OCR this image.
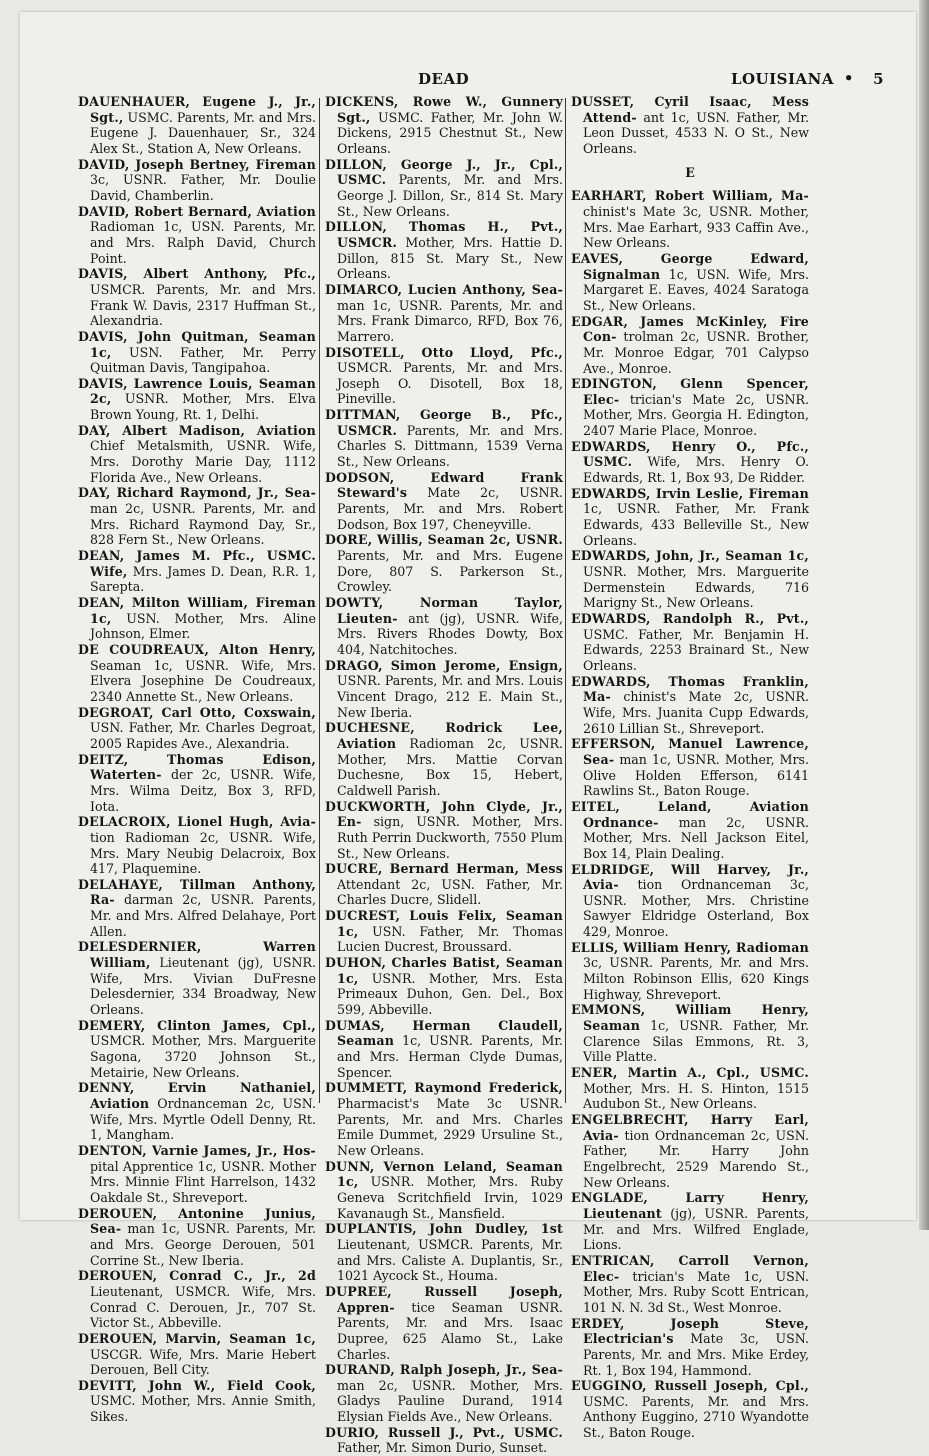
DEAD	LOUISIANA • 5

DAUENHAUER, Eugene J., Jr., Sgt., USMC. Parents, Mr. and Mrs. Eugene J. Dauenhauer, Sr., 324 Alex St., Station A, New Orleans.

DAVID, Joseph Bertney, Fireman 3c, USNR. Father, Mr. Doulie David, Chamberlin.

DAVID, Robert Bernard, Aviation Radioman 1c, USN. Parents, Mr. and Mrs. Ralph David, Church Point.

DAVIS, Albert Anthony, Pfc., USMCR. Parents, Mr. and Mrs. Frank W. Davis, 2317 Huffman St., Alexandria.

DAVIS, John Quitman, Seaman 1c, USN. Father, Mr. Perry Quitman Davis, Tangipahoa.

DAVIS, Lawrence Louis, Seaman 2c, USNR. Mother, Mrs. Elva Brown Young, Rt. 1, Delhi.

DAY, Albert Madison, Aviation Chief Metalsmith, USNR. Wife, Mrs. Dorothy Marie Day, 1112 Florida Ave., New Orleans.

DAY, Richard Raymond, Jr., Sea- man 2c, USNR. Parents, Mr. and Mrs. Richard Raymond Day, Sr., 828 Fern St., New Orleans.

DEAN, James M. Pfc., USMC. Wife, Mrs. James D. Dean, R.R. 1, Sarepta.

DEAN, Milton William, Fireman 1c, USN. Mother, Mrs. Aline Johnson, Elmer.

DE COUDREAUX, Alton Henry, Seaman 1c, USNR. Wife, Mrs. Elvera Josephine De Coudreaux, 2340 Annette St., New Orleans.

DEGROAT, Carl Otto, Coxswain, USN. Father, Mr. Charles Degroat, 2005 Rapides Ave., Alexandria.

DEITZ, Thomas Edison, Waterten- der 2c, USNR. Wife, Mrs. Wilma Deitz, Box 3, RFD, Iota.

DELACROIX, Lionel Hugh, Avia- tion Radioman 2c, USNR. Wife, Mrs. Mary Neubig Delacroix, Box 417, Plaquemine.

DELAHAYE, Tillman Anthony, Ra- darman 2c, USNR. Parents, Mr. and Mrs. Alfred Delahaye, Port Allen.

DELESDERNIER, Warren William, Lieutenant (jg), USNR. Wife, Mrs. Vivian DuFresne Delesdernier, 334 Broadway, New Orleans.

DEMERY, Clinton James, Cpl., USMCR. Mother, Mrs. Marguerite Sagona, 3720 Johnson St., Metairie, New Orleans.

DENNY, Ervin Nathaniel, Aviation Ordnanceman 2c, USN. Wife, Mrs. Myrtle Odell Denny, Rt. 1, Mangham.

DENTON, Varnie James, Jr., Hos- pital Apprentice 1c, USNR. Mother Mrs. Minnie Flint Harrelson, 1432 Oakdale St., Shreveport.

DEROUEN, Antonine Junius, Sea- man 1c, USNR. Parents, Mr. and Mrs. George Derouen, 501 Corrine St., New Iberia.

DEROUEN, Conrad C., Jr., 2d Lieutenant, USMCR. Wife, Mrs. Conrad C. Derouen, Jr., 707 St. Victor St., Abbeville.

DEROUEN, Marvin, Seaman 1c, USCGR. Wife, Mrs. Marie Hebert Derouen, Bell City.

DEVITT, John W., Field Cook, USMC. Mother, Mrs. Annie Smith, Sikes.

DICKENS, Rowe W., Gunnery Sgt., USMC. Father, Mr. John W. Dickens, 2915 Chestnut St., New Orleans.

DILLON, George J., Jr., Cpl., USMC. Parents, Mr. and Mrs. George J. Dillon, Sr., 814 St. Mary St., New Orleans.

DILLON, Thomas H., Pvt., USMCR. Mother, Mrs. Hattie D. Dillon, 815 St. Mary St., New Orleans.

DIMARCO, Lucien Anthony, Sea- man 1c, USNR. Parents, Mr. and Mrs. Frank Dimarco, RFD, Box 76, Marrero.

DISOTELL, Otto Lloyd, Pfc., USMCR. Parents, Mr. and Mrs. Joseph O. Disotell, Box 18, Pineville.

DITTMAN, George B., Pfc., USMCR. Parents, Mr. and Mrs. Charles S. Dittmann, 1539 Verna St., New Orleans.

DODSON, Edward Frank Steward's Mate 2c, USNR. Parents, Mr. and Mrs. Robert Dodson, Box 197, Cheneyville.

DORE, Willis, Seaman 2c, USNR. Parents, Mr. and Mrs. Eugene Dore, 807 S. Parkerson St., Crowley.

DOWTY, Norman Taylor, Lieuten- ant (jg), USNR. Wife, Mrs. Rivers Rhodes Dowty, Box 404, Natchitoches.

DRAGO, Simon Jerome, Ensign, USNR. Parents, Mr. and Mrs. Louis Vincent Drago, 212 E. Main St., New Iberia.

DUCHESNE, Rodrick Lee, Aviation Radioman 2c, USNR. Mother, Mrs. Mattie Corvan Duchesne, Box 15, Hebert, Caldwell Parish.

DUCKWORTH, John Clyde, Jr., En- sign, USNR. Mother, Mrs. Ruth Perrin Duckworth, 7550 Plum St., New Orleans.

DUCRE, Bernard Herman, Mess Attendant 2c, USN. Father, Mr. Charles Ducre, Slidell.

DUCREST, Louis Felix, Seaman 1c, USN. Father, Mr. Thomas Lucien Ducrest, Broussard.

DUHON, Charles Batist, Seaman 1c, USNR. Mother, Mrs. Esta Primeaux Duhon, Gen. Del., Box 599, Abbeville.

DUMAS, Herman Claudell, Seaman 1c, USNR. Parents, Mr. and Mrs. Herman Clyde Dumas, Spencer.

DUMMETT, Raymond Frederick, Pharmacist's Mate 3c USNR. Parents, Mr. and Mrs. Charles Emile Dummet, 2929 Ursuline St., New Orleans.

DUNN, Vernon Leland, Seaman 1c, USNR. Mother, Mrs. Ruby Geneva Scritchfield Irvin, 1029 Kavanaugh St., Mansfield.

DUPLANTIS, John Dudley, 1st Lieutenant, USMCR. Parents, Mr. and Mrs. Caliste A. Duplantis, Sr., 1021 Aycock St., Houma.

DUPREE, Russell Joseph, Appren- tice Seaman USNR. Parents, Mr. and Mrs. Isaac Dupree, 625 Alamo St., Lake Charles.

DURAND, Ralph Joseph, Jr., Sea- man 2c, USNR. Mother, Mrs. Gladys Pauline Durand, 1914 Elysian Fields Ave., New Orleans.

DURIO, Russell J., Pvt., USMC. Father, Mr. Simon Durio, Sunset.

DUSSET, Cyril Isaac, Mess Attend- ant 1c, USN. Father, Mr. Leon Dusset, 4533 N. O St., New Orleans.

E

EARHART, Robert William, Ma- chinist's Mate 3c, USNR. Mother, Mrs. Mae Earhart, 933 Caffin Ave., New Orleans.

EAVES, George Edward, Signalman 1c, USN. Wife, Mrs. Margaret E. Eaves, 4024 Saratoga St., New Orleans.

EDGAR, James McKinley, Fire Con- trolman 2c, USNR. Brother, Mr. Monroe Edgar, 701 Calypso Ave., Monroe.

EDINGTON, Glenn Spencer, Elec- trician's Mate 2c, USNR. Mother, Mrs. Georgia H. Edington, 2407 Marie Place, Monroe.

EDWARDS, Henry O., Pfc., USMC. Wife, Mrs. Henry O. Edwards, Rt. 1, Box 93, De Ridder.

EDWARDS, Irvin Leslie, Fireman 1c, USNR. Father, Mr. Frank Edwards, 433 Belleville St., New Orleans.

EDWARDS, John, Jr., Seaman 1c, USNR. Mother, Mrs. Marguerite Dermenstein Edwards, 716 Marigny St., New Orleans.

EDWARDS, Randolph R., Pvt., USMC. Father, Mr. Benjamin H. Edwards, 2253 Brainard St., New Orleans.

EDWARDS, Thomas Franklin, Ma- chinist's Mate 2c, USNR. Wife, Mrs. Juanita Cupp Edwards, 2610 Lillian St., Shreveport.

EFFERSON, Manuel Lawrence, Sea- man 1c, USNR. Mother, Mrs. Olive Holden Efferson, 6141 Rawlins St., Baton Rouge.

EITEL, Leland, Aviation Ordnance- man 2c, USNR. Mother, Mrs. Nell Jackson Eitel, Box 14, Plain Dealing.

ELDRIDGE, Will Harvey, Jr., Avia- tion Ordnanceman 3c, USNR. Mother, Mrs. Christine Sawyer Eldridge Osterland, Box 429, Monroe.

ELLIS, William Henry, Radioman 3c, USNR. Parents, Mr. and Mrs. Milton Robinson Ellis, 620 Kings Highway, Shreveport.

EMMONS, William Henry, Seaman 1c, USNR. Father, Mr. Clarence Silas Emmons, Rt. 3, Ville Platte.

ENER, Martin A., Cpl., USMC. Mother, Mrs. H. S. Hinton, 1515 Audubon St., New Orleans.

ENGELBRECHT, Harry Earl, Avia- tion Ordnanceman 2c, USN. Father, Mr. Harry John Engelbrecht, 2529 Marendo St., New Orleans.

ENGLADE, Larry Henry, Lieutenant (jg), USNR. Parents, Mr. and Mrs. Wilfred Englade, Lions.

ENTRICAN, Carroll Vernon, Elec- trician's Mate 1c, USN. Mother, Mrs. Ruby Scott Entrican, 101 N. N. 3d St., West Monroe.

ERDEY, Joseph Steve, Electrician's Mate 3c, USN. Parents, Mr. and Mrs. Mike Erdey, Rt. 1, Box 194, Hammond.

EUGGINO, Russell Joseph, Cpl., USMC. Parents, Mr. and Mrs. Anthony Euggino, 2710 Wyandotte St., Baton Rouge.
